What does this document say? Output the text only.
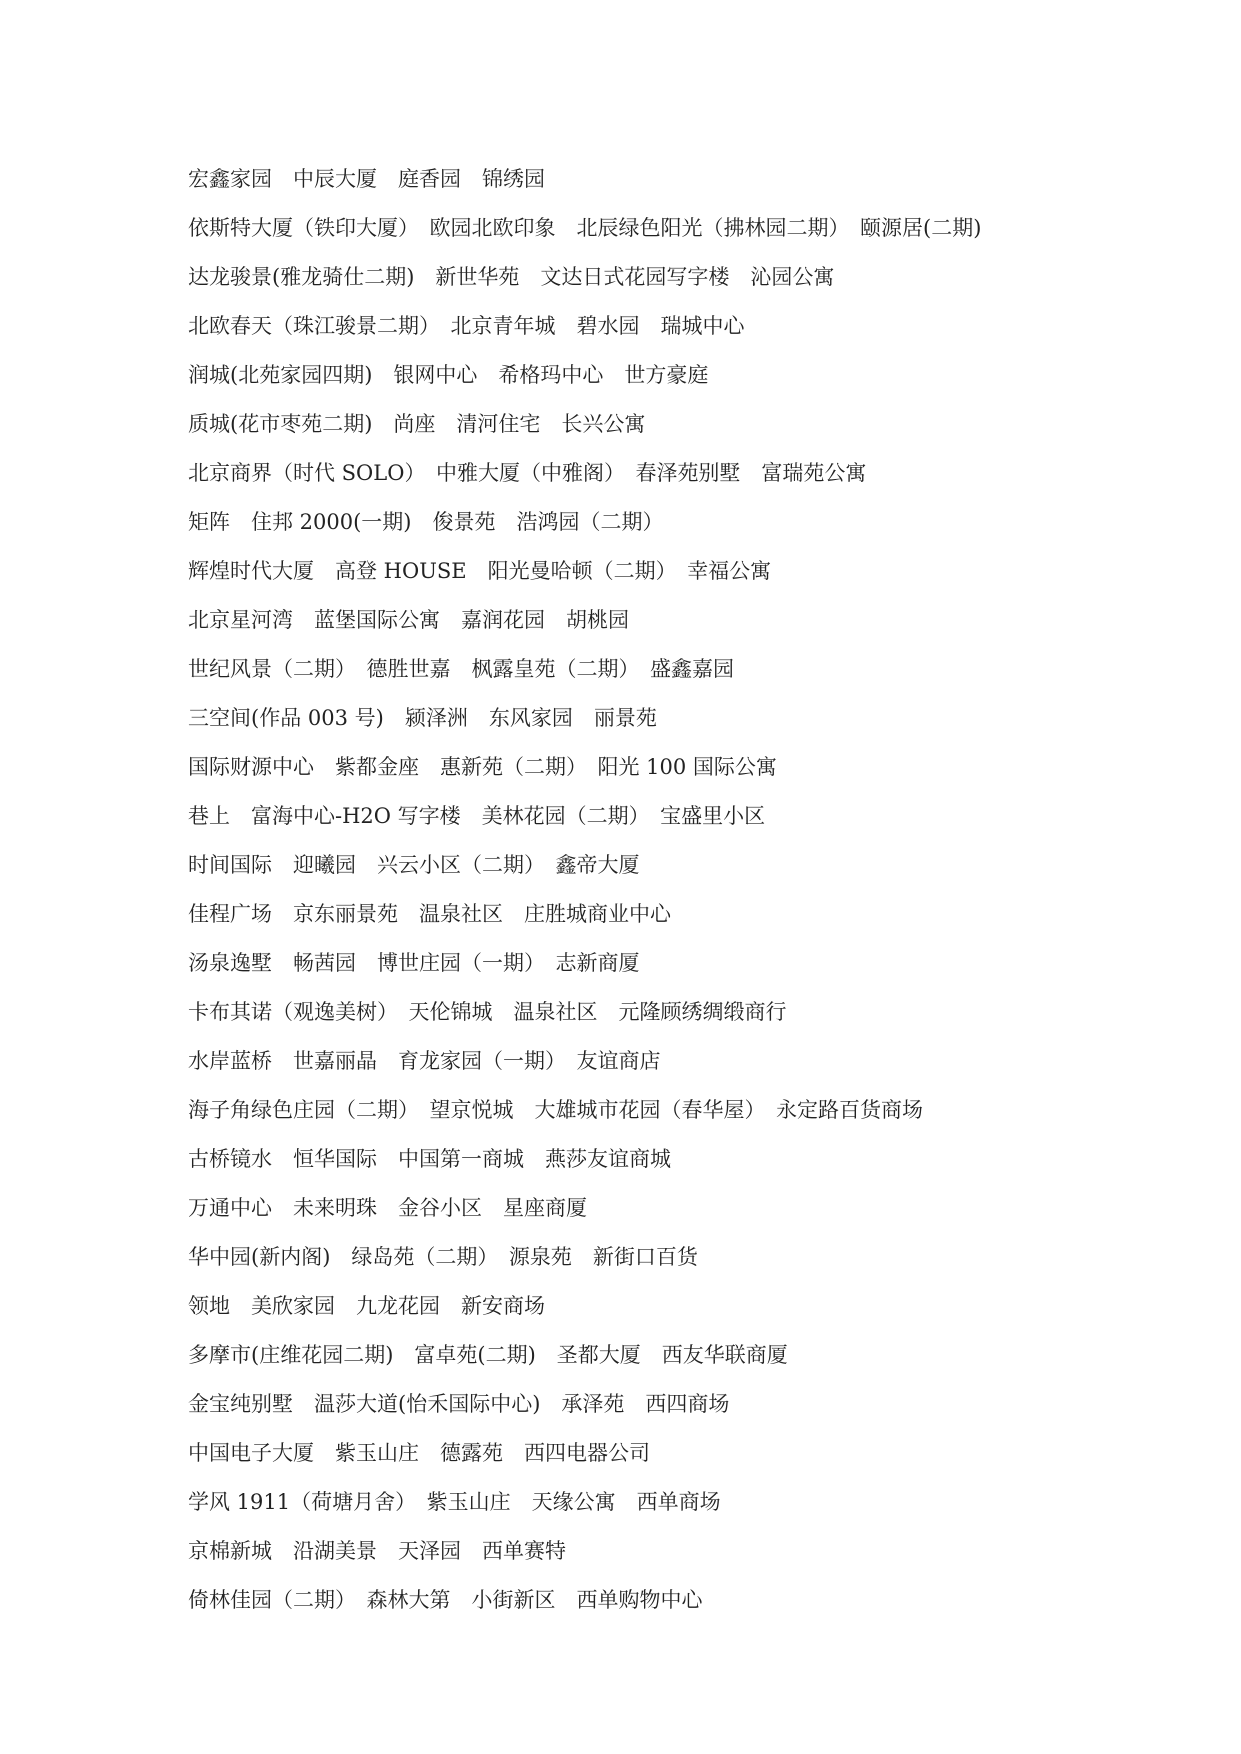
宏鑫家园　中辰大厦　庭香园　锦绣园
依斯特大厦（铁印大厦）　欧园北欧印象　北辰绿色阳光（拂林园二期）　颐源居(二期)
达龙骏景(雅龙骑仕二期)　新世华苑　文达日式花园写字楼　沁园公寓
北欧春天（珠江骏景二期）　北京青年城　碧水园　瑞城中心
润城(北苑家园四期)　银网中心　希格玛中心　世方豪庭
质城(花市枣苑二期)　尚座　清河住宅　长兴公寓
北京商界（时代 SOLO）　中雅大厦（中雅阁）　春泽苑别墅　富瑞苑公寓
矩阵　住邦 2000(一期)　俊景苑　浩鸿园（二期）
辉煌时代大厦　高登 HOUSE　阳光曼哈顿（二期）　幸福公寓
北京星河湾　蓝堡国际公寓　嘉润花园　胡桃园
世纪风景（二期）　德胜世嘉　枫露皇苑（二期）　盛鑫嘉园
三空间(作品 003 号)　颍泽洲　东风家园　丽景苑
国际财源中心　紫都金座　惠新苑（二期）　阳光 100 国际公寓
巷上　富海中心-H2O 写字楼　美林花园（二期）　宝盛里小区
时间国际　迎曦园　兴云小区（二期）　鑫帝大厦
佳程广场　京东丽景苑　温泉社区　庄胜城商业中心
汤泉逸墅　畅茜园　博世庄园（一期）　志新商厦
卡布其诺（观逸美树）　天伦锦城　温泉社区　元隆顾绣绸缎商行
水岸蓝桥　世嘉丽晶　育龙家园（一期）　友谊商店
海子角绿色庄园（二期）　望京悦城　大雄城市花园（春华屋）　永定路百货商场
古桥镜水　恒华国际　中国第一商城　燕莎友谊商城
万通中心　未来明珠　金谷小区　星座商厦
华中园(新内阁)　绿岛苑（二期）　源泉苑　新街口百货
领地　美欣家园　九龙花园　新安商场
多摩市(庄维花园二期)　富卓苑(二期)　圣都大厦　西友华联商厦
金宝纯别墅　温莎大道(怡禾国际中心)　承泽苑　西四商场
中国电子大厦　紫玉山庄　德露苑　西四电器公司
学风 1911（荷塘月舍）　紫玉山庄　天缘公寓　西单商场
京棉新城　沿湖美景　天泽园　西单赛特
倚林佳园（二期）　森林大第　小街新区　西单购物中心
